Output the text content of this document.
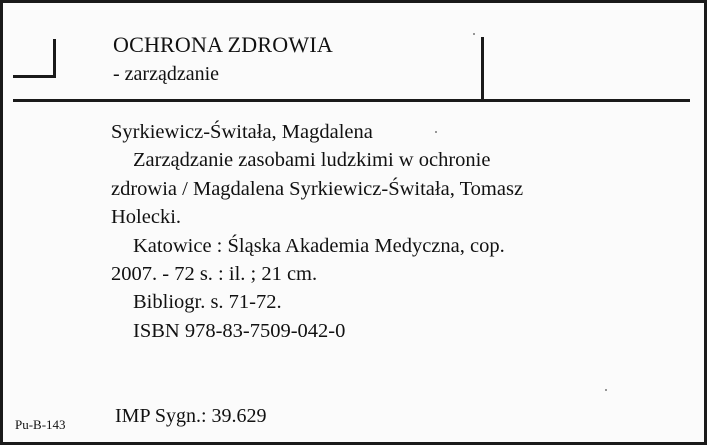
OCHRONA ZDROWIA
- zarządzanie
Syrkiewicz-Świtała, Magdalena
Zarządzanie zasobami ludzkimi w ochronie
zdrowia / Magdalena Syrkiewicz-Świtała, Tomasz
Holecki.
Katowice : Śląska Akademia Medyczna, cop.
2007. - 72 s. : il. ; 21 cm.
Bibliogr. s. 71-72.
ISBN 978-83-7509-042-0
Pu-B-143 IMP Sygn.: 39.629
